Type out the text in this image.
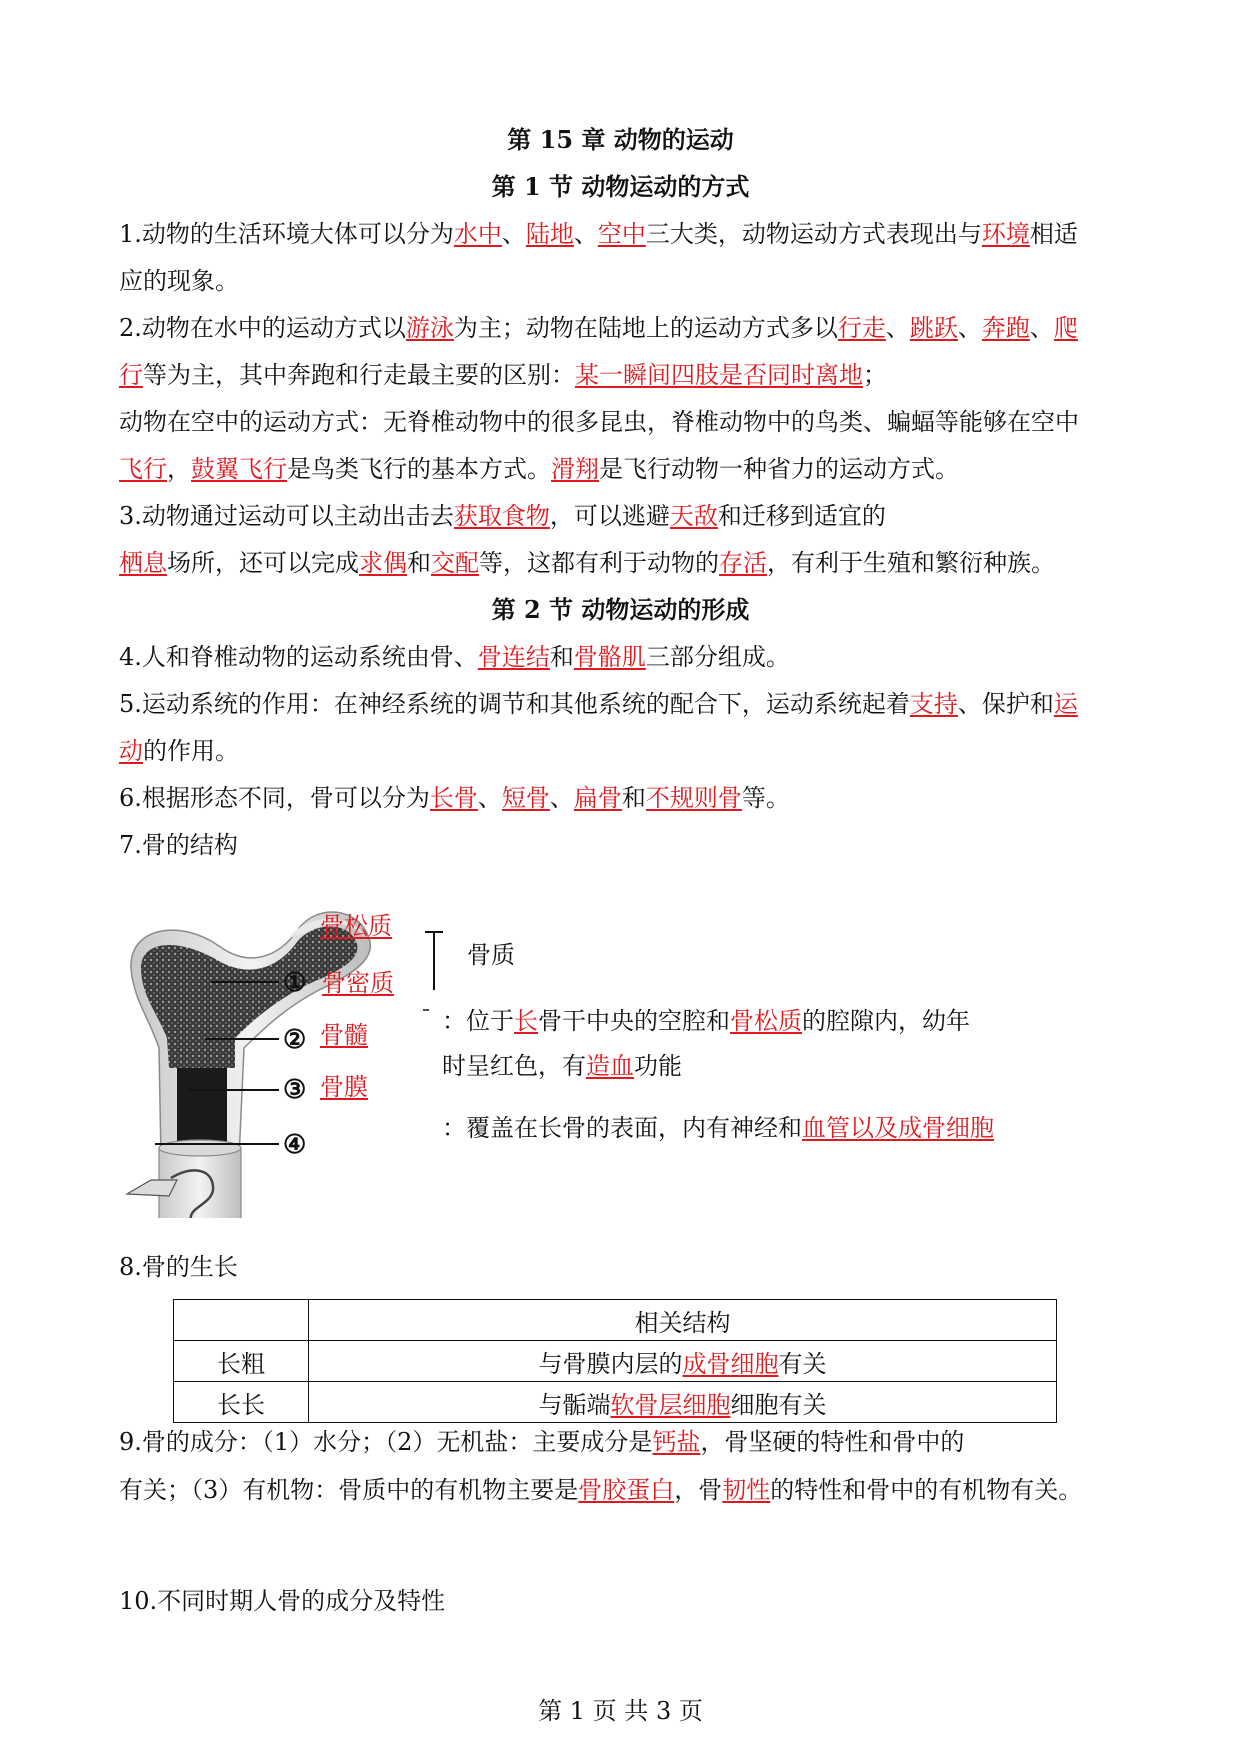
第 15 章 动物的运动
第 1 节 动物运动的方式
1.动物的生活环境大体可以分为水中、陆地、空中三大类，动物运动方式表现出与环境相适
应的现象。
2.动物在水中的运动方式以游泳为主；动物在陆地上的运动方式多以行走、跳跃、奔跑、爬
行等为主，其中奔跑和行走最主要的区别：某一瞬间四肢是否同时离地；
动物在空中的运动方式：无脊椎动物中的很多昆虫，脊椎动物中的鸟类、蝙蝠等能够在空中
飞行，鼓翼飞行是鸟类飞行的基本方式。滑翔是飞行动物一种省力的运动方式。
3.动物通过运动可以主动出击去获取食物，可以逃避天敌和迁移到适宜的
栖息场所，还可以完成求偶和交配等，这都有利于动物的存活，有利于生殖和繁衍种族。
第 2 节 动物运动的形成
4.人和脊椎动物的运动系统由骨、骨连结和骨骼肌三部分组成。
5.运动系统的作用：在神经系统的调节和其他系统的配合下，运动系统起着支持、保护和运
动的作用。
6.根据形态不同，骨可以分为长骨、短骨、扁骨和不规则骨等。
7.骨的结构
骨松质
① 骨密质
② 骨髓
③ 骨膜
④
骨质
：位于长骨干中央的空腔和骨松质的腔隙内，幼年
时呈红色，有造血功能
：覆盖在长骨的表面，内有神经和血管以及成骨细胞
8.骨的生长
	相关结构
长粗	与骨膜内层的成骨细胞有关
长长	与骺端软骨层细胞细胞有关
9.骨的成分：（1）水分；（2）无机盐：主要成分是钙盐，骨坚硬的特性和骨中的
有关；（3）有机物：骨质中的有机物主要是骨胶蛋白，骨韧性的特性和骨中的有机物有关。
10.不同时期人骨的成分及特性
第 1 页 共 3 页
